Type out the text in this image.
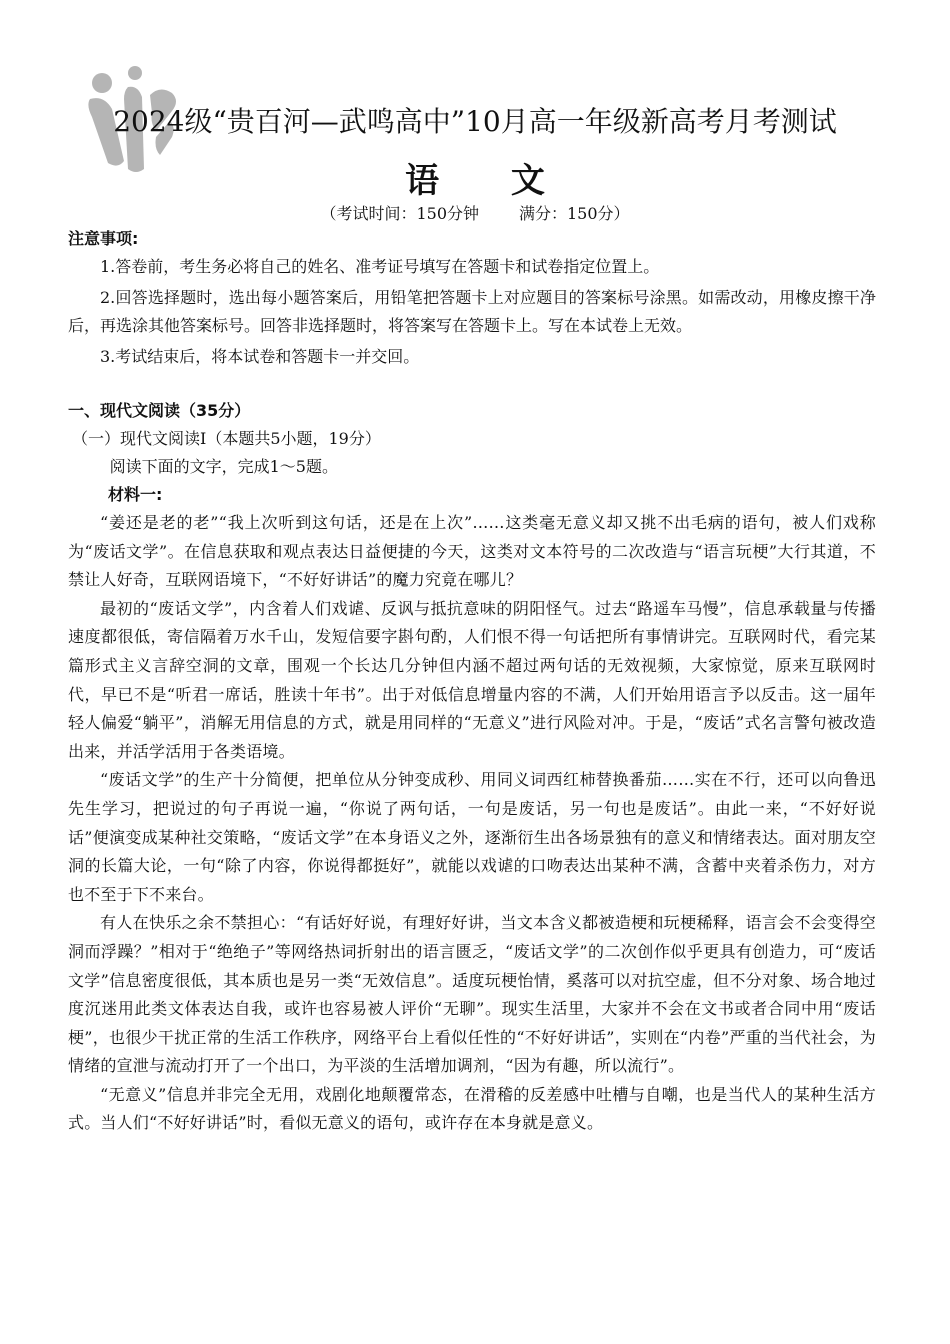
2024级“贵百河—武鸣高中”10月高一年级新高考月考测试
语 文
（考试时间：150分钟	满分：150分）

注意事项:

1.答卷前，考生务必将自己的姓名、准考证号填写在答题卡和试卷指定位置上。

2.回答选择题时，选出每小题答案后，用铅笔把答题卡上对应题目的答案标号涂黑。如需改动，用橡皮擦干净后，再选涂其他答案标号。回答非选择题时，将答案写在答题卡上。写在本试卷上无效。

3.考试结束后，将本试卷和答题卡一并交回。

一、现代文阅读（35分）

（一）现代文阅读Ⅰ（本题共5小题，19分）

阅读下面的文字，完成1～5题。

材料一:

“姜还是老的老”“我上次听到这句话，还是在上次”……这类毫无意义却又挑不出毛病的语句，被人们戏称为“废话文学”。在信息获取和观点表达日益便捷的今天，这类对文本符号的二次改造与“语言玩梗”大行其道，不禁让人好奇，互联网语境下，“不好好讲话”的魔力究竟在哪儿？

最初的“废话文学”，内含着人们戏谑、反讽与抵抗意味的阴阳怪气。过去“路遥车马慢”，信息承载量与传播速度都很低，寄信隔着万水千山，发短信要字斟句酌，人们恨不得一句话把所有事情讲完。互联网时代，看完某篇形式主义言辞空洞的文章，围观一个长达几分钟但内涵不超过两句话的无效视频，大家惊觉，原来互联网时代，早已不是“听君一席话，胜读十年书”。出于对低信息增量内容的不满，人们开始用语言予以反击。这一届年轻人偏爱“躺平”，消解无用信息的方式，就是用同样的“无意义”进行风险对冲。于是，“废话”式名言警句被改造出来，并活学活用于各类语境。

“废话文学”的生产十分简便，把单位从分钟变成秒、用同义词西红柿替换番茄……实在不行，还可以向鲁迅先生学习，把说过的句子再说一遍，“你说了两句话，一句是废话，另一句也是废话”。由此一来，“不好好说话”便演变成某种社交策略，“废话文学”在本身语义之外，逐渐衍生出各场景独有的意义和情绪表达。面对朋友空洞的长篇大论，一句“除了内容，你说得都挺好”，就能以戏谑的口吻表达出某种不满，含蓄中夹着杀伤力，对方也不至于下不来台。

有人在快乐之余不禁担心：“有话好好说，有理好好讲，当文本含义都被造梗和玩梗稀释，语言会不会变得空洞而浮躁？”相对于“绝绝子”等网络热词折射出的语言匮乏，“废话文学”的二次创作似乎更具有创造力，可“废话文学”信息密度很低，其本质也是另一类“无效信息”。适度玩梗怡情，奚落可以对抗空虚，但不分对象、场合地过度沉迷用此类文体表达自我，或许也容易被人评价“无聊”。现实生活里，大家并不会在文书或者合同中用“废话梗”，也很少干扰正常的生活工作秩序，网络平台上看似任性的“不好好讲话”，实则在“内卷”严重的当代社会，为情绪的宣泄与流动打开了一个出口，为平淡的生活增加调剂，“因为有趣，所以流行”。

“无意义”信息并非完全无用，戏剧化地颠覆常态，在滑稽的反差感中吐槽与自嘲，也是当代人的某种生活方式。当人们“不好好讲话”时，看似无意义的语句，或许存在本身就是意义。
